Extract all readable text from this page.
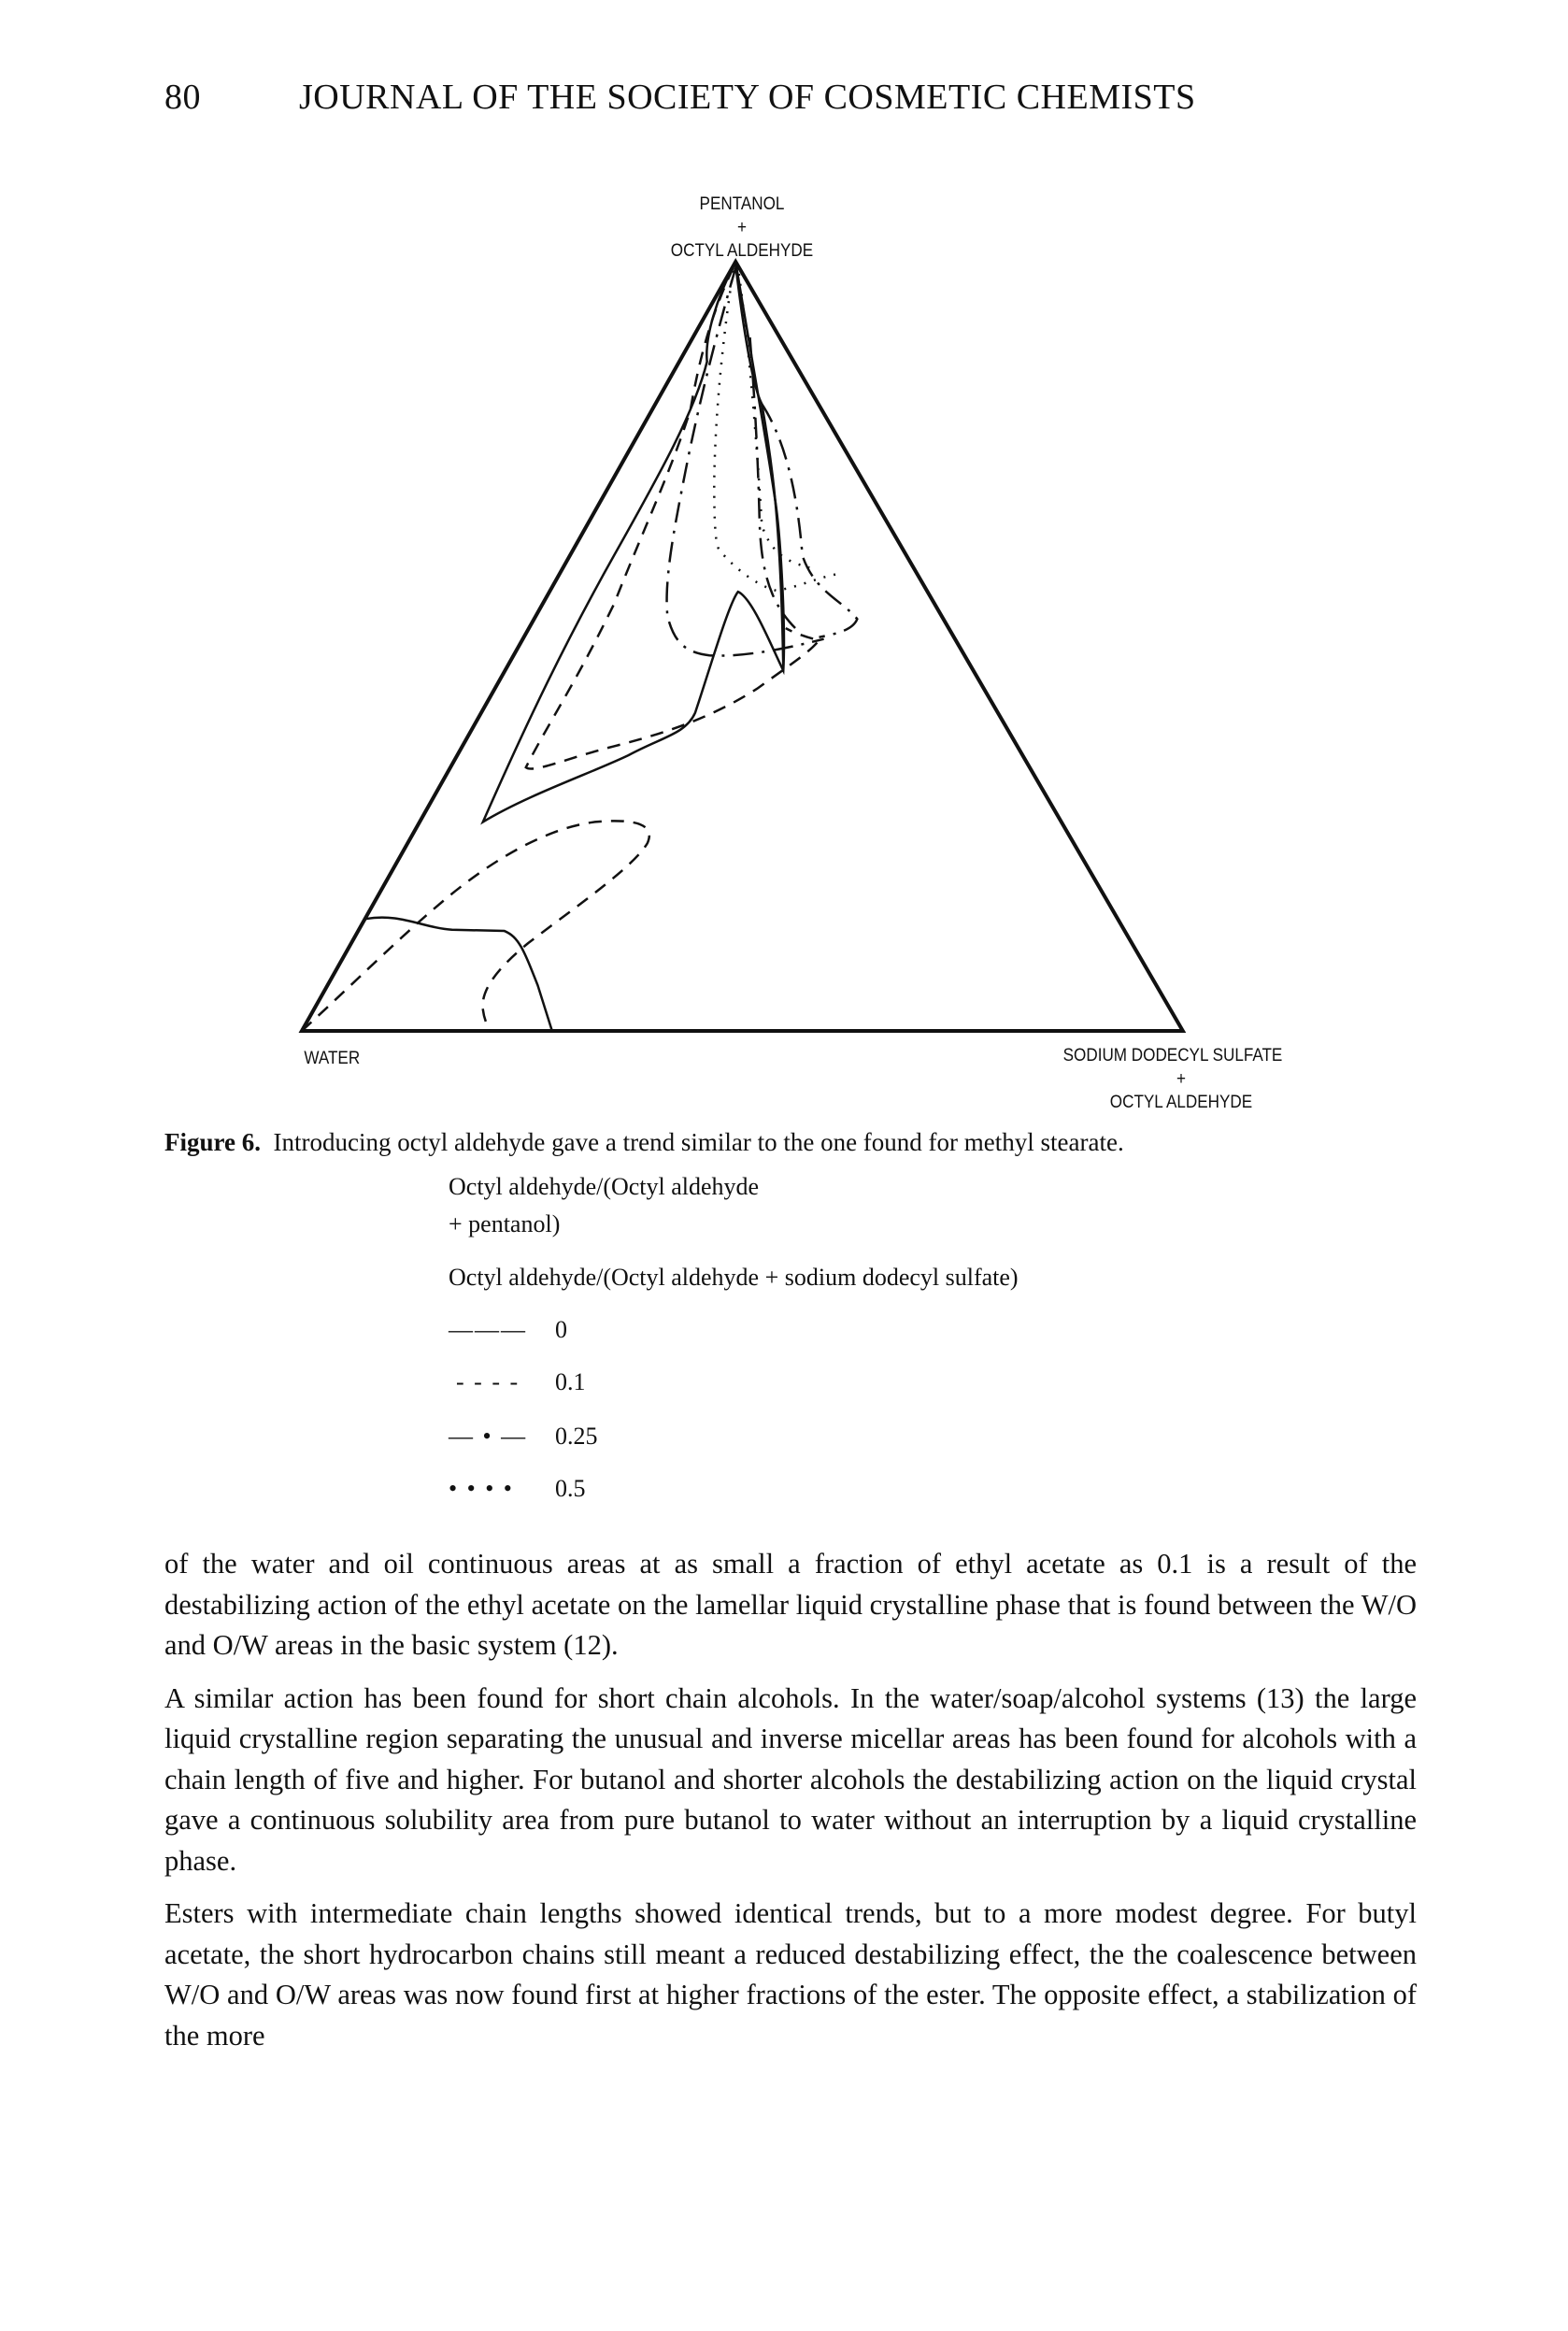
80	JOURNAL OF THE SOCIETY OF COSMETIC CHEMISTS
PENTANOL
+
OCTYL ALDEHYDE
WATER	SODIUM DODECYL SULFATE
+
OCTYL ALDEHYDE
Figure 6. Introducing octyl aldehyde gave a trend similar to the one found for methyl stearate.
Octyl aldehyde/(Octyl aldehyde
+ pentanol)
Octyl aldehyde/(Octyl aldehyde + sodium dodecyl sulfate)
——— 0
- - - - 0.1
— • — 0.25
• • • • 0.5

of the water and oil continuous areas at as small a fraction of ethyl acetate as 0.1 is a result of the destabilizing action of the ethyl acetate on the lamellar liquid crystalline phase that is found between the W/O and O/W areas in the basic system (12).

A similar action has been found for short chain alcohols. In the water/soap/alcohol systems (13) the large liquid crystalline region separating the unusual and inverse micellar areas has been found for alcohols with a chain length of five and higher. For butanol and shorter alcohols the destabilizing action on the liquid crystal gave a continuous solubility area from pure butanol to water without an interruption by a liquid crystalline phase.

Esters with intermediate chain lengths showed identical trends, but to a more modest degree. For butyl acetate, the short hydrocarbon chains still meant a reduced destabilizing effect, the the coalescence between W/O and O/W areas was now found first at higher fractions of the ester. The opposite effect, a stabilization of the more
